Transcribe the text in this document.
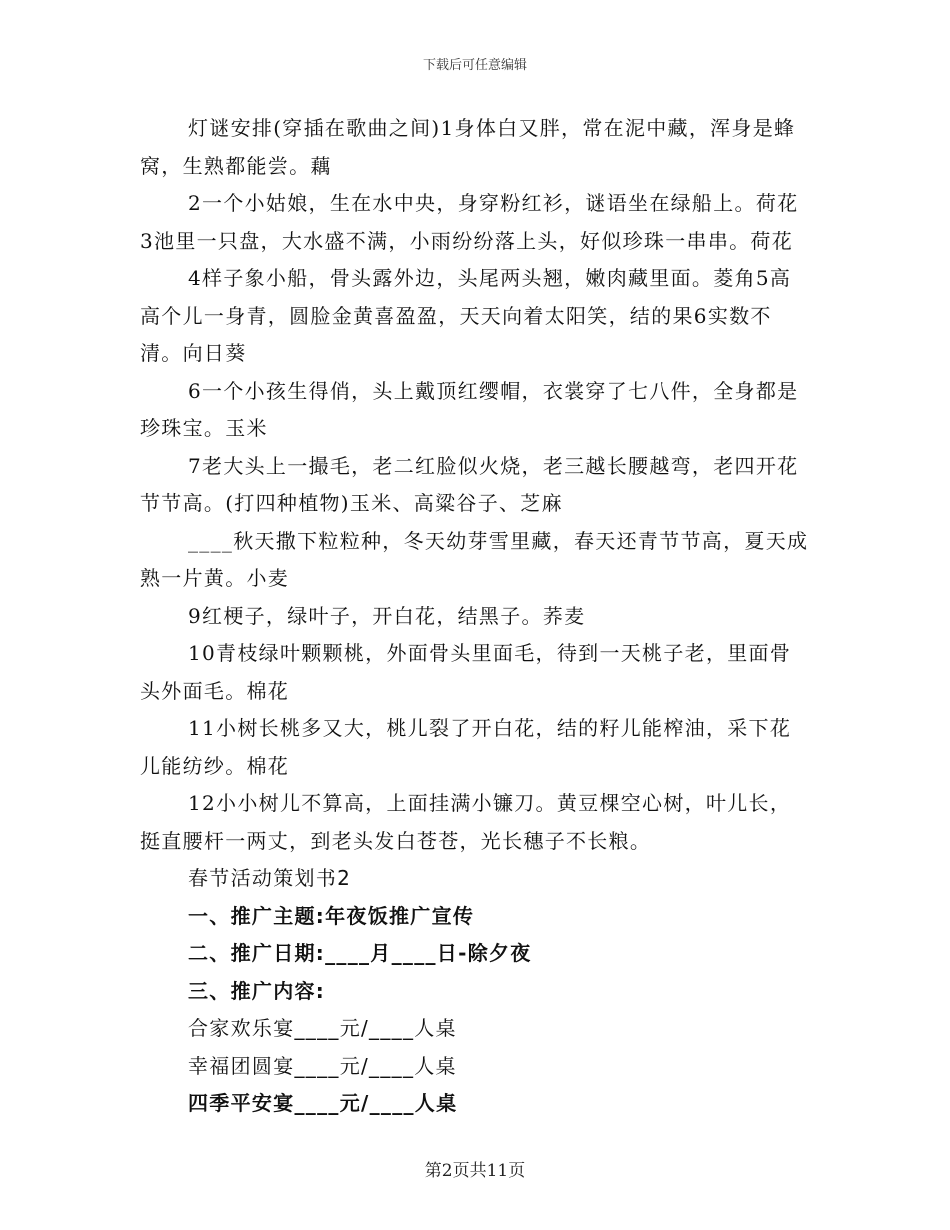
下载后可任意编辑

灯谜安排(穿插在歌曲之间)1身体白又胖，常在泥中藏，浑身是蜂窝，生熟都能尝。藕

2一个小姑娘，生在水中央，身穿粉红衫，谜语坐在绿船上。荷花3池里一只盘，大水盛不满，小雨纷纷落上头，好似珍珠一串串。荷花

4样子象小船，骨头露外边，头尾两头翘，嫩肉藏里面。菱角5高高个儿一身青，圆脸金黄喜盈盈，天天向着太阳笑，结的果6实数不清。向日葵

6一个小孩生得俏，头上戴顶红缨帽，衣裳穿了七八件，全身都是珍珠宝。玉米

7老大头上一撮毛，老二红脸似火烧，老三越长腰越弯，老四开花节节高。(打四种植物)玉米、高粱谷子、芝麻

____秋天撒下粒粒种，冬天幼芽雪里藏，春天还青节节高，夏天成熟一片黄。小麦

9红梗子，绿叶子，开白花，结黑子。荞麦

10青枝绿叶颗颗桃，外面骨头里面毛，待到一天桃子老，里面骨头外面毛。棉花

11小树长桃多又大，桃儿裂了开白花，结的籽儿能榨油，采下花儿能纺纱。棉花

12小小树儿不算高，上面挂满小镰刀。黄豆棵空心树，叶儿长，挺直腰杆一两丈，到老头发白苍苍，光长穗子不长粮。

春节活动策划书2

一、推广主题:年夜饭推广宣传

二、推广日期:____月____日-除夕夜

三、推广内容:

合家欢乐宴____元/____人桌

幸福团圆宴____元/____人桌

四季平安宴____元/____人桌

第2页共11页
